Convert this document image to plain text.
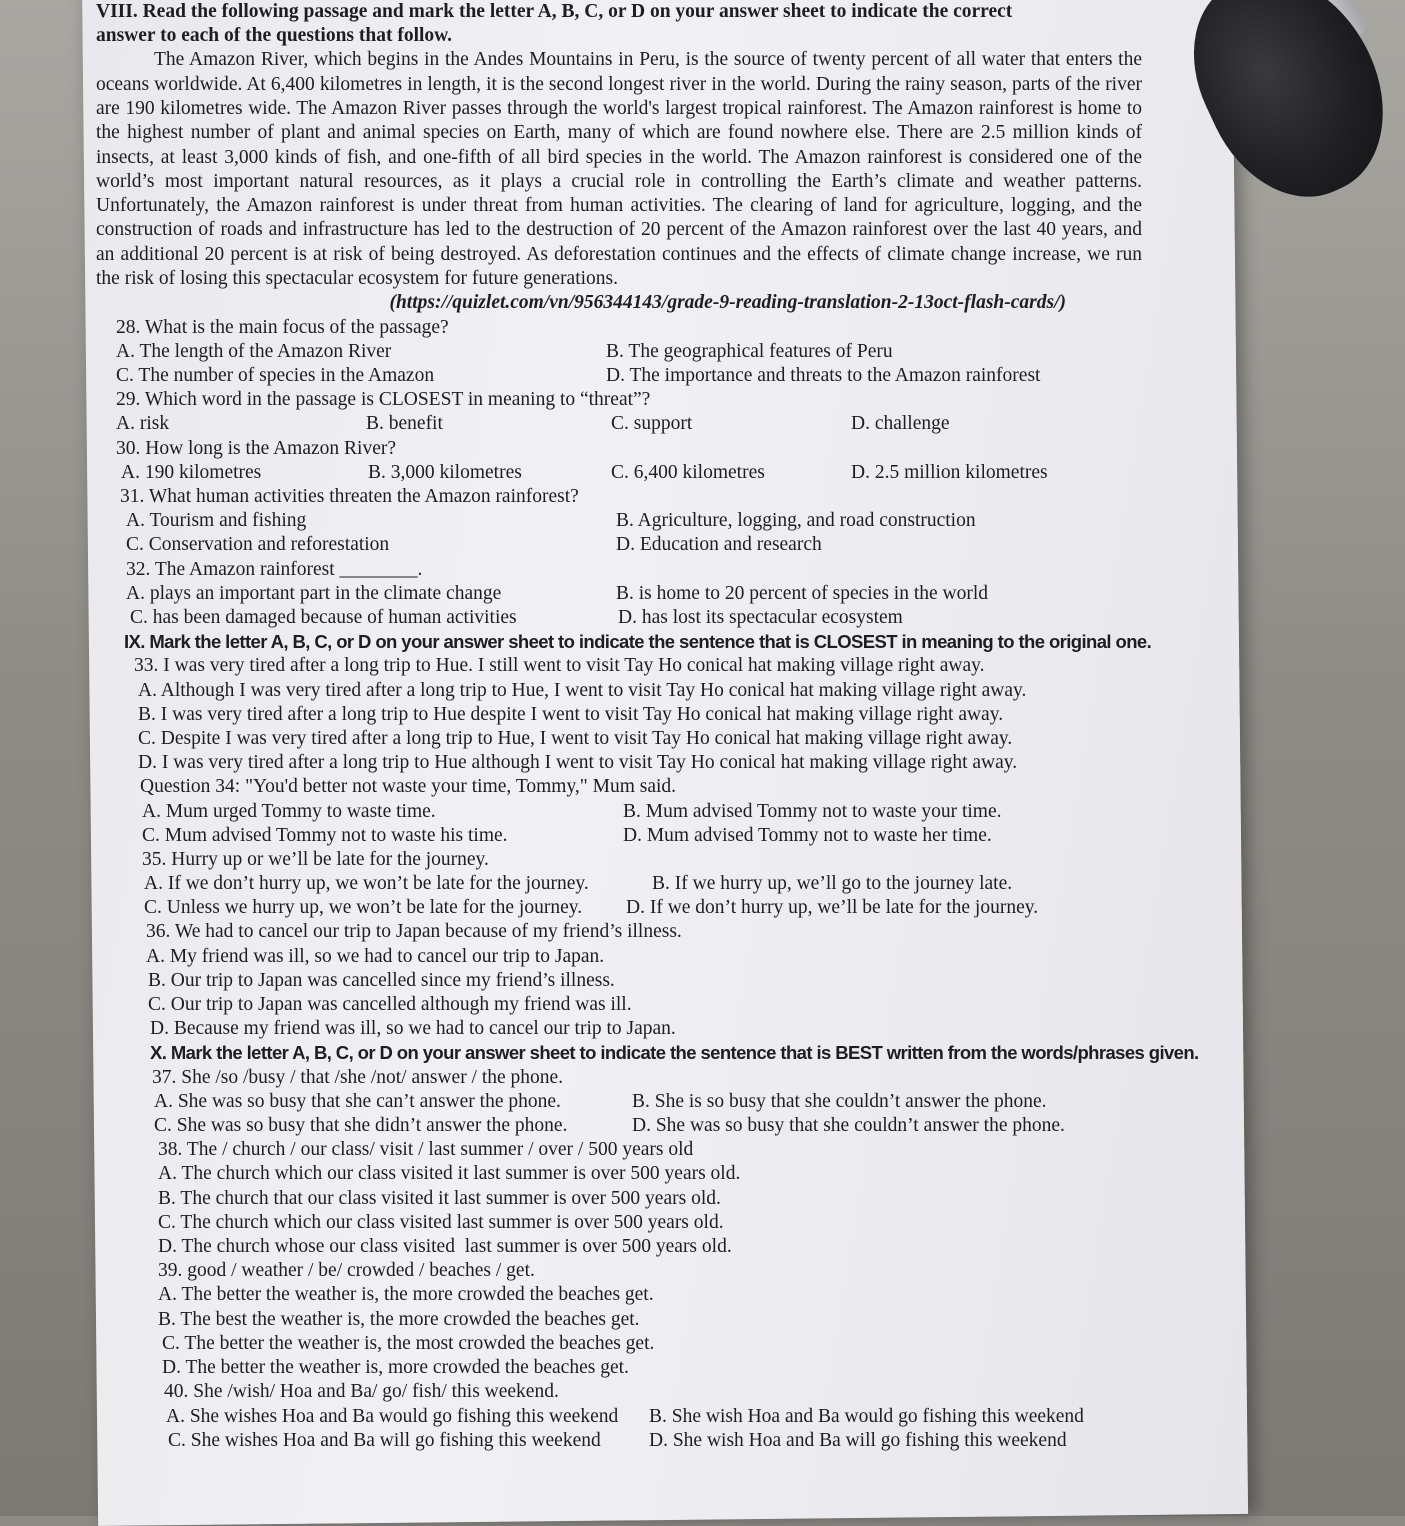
VIII. Read the following passage and mark the letter A, B, C, or D on your answer sheet to indicate the correct
answer to each of the questions that follow.
The Amazon River, which begins in the Andes Mountains in Peru, is the source of twenty percent of all water that enters the oceans worldwide. At 6,400 kilometres in length, it is the second longest river in the world. During the rainy season, parts of the river are 190 kilometres wide. The Amazon River passes through the world's largest tropical rainforest. The Amazon rainforest is home to the highest number of plant and animal species on Earth, many of which are found nowhere else. There are 2.5 million kinds of insects, at least 3,000 kinds of fish, and one-fifth of all bird species in the world. The Amazon rainforest is considered one of the world’s most important natural resources, as it plays a crucial role in controlling the Earth’s climate and weather patterns. Unfortunately, the Amazon rainforest is under threat from human activities. The clearing of land for agriculture, logging, and the construction of roads and infrastructure has led to the destruction of 20 percent of the Amazon rainforest over the last 40 years, and an additional 20 percent is at risk of being destroyed. As deforestation continues and the effects of climate change increase, we run the risk of losing this spectacular ecosystem for future generations.
(https://quizlet.com/vn/956344143/grade-9-reading-translation-2-13oct-flash-cards/)
28. What is the main focus of the passage?
A. The length of the Amazon River	B. The geographical features of Peru
C. The number of species in the Amazon	D. The importance and threats to the Amazon rainforest
29. Which word in the passage is CLOSEST in meaning to “threat”?
A. risk	B. benefit	C. support	D. challenge
30. How long is the Amazon River?
A. 190 kilometres	B. 3,000 kilometres	C. 6,400 kilometres	D. 2.5 million kilometres
31. What human activities threaten the Amazon rainforest?
A. Tourism and fishing	B. Agriculture, logging, and road construction
C. Conservation and reforestation	D. Education and research
32. The Amazon rainforest ________.
A. plays an important part in the climate change	B. is home to 20 percent of species in the world
C. has been damaged because of human activities	D. has lost its spectacular ecosystem
IX. Mark the letter A, B, C, or D on your answer sheet to indicate the sentence that is CLOSEST in meaning to the original one.
33. I was very tired after a long trip to Hue. I still went to visit Tay Ho conical hat making village right away.
A. Although I was very tired after a long trip to Hue, I went to visit Tay Ho conical hat making village right away.
B. I was very tired after a long trip to Hue despite I went to visit Tay Ho conical hat making village right away.
C. Despite I was very tired after a long trip to Hue, I went to visit Tay Ho conical hat making village right away.
D. I was very tired after a long trip to Hue although I went to visit Tay Ho conical hat making village right away.
Question 34: "You'd better not waste your time, Tommy," Mum said.
A. Mum urged Tommy to waste time.	B. Mum advised Tommy not to waste your time.
C. Mum advised Tommy not to waste his time.	D. Mum advised Tommy not to waste her time.
35. Hurry up or we’ll be late for the journey.
A. If we don’t hurry up, we won’t be late for the journey.	B. If we hurry up, we’ll go to the journey late.
C. Unless we hurry up, we won’t be late for the journey. D. If we don’t hurry up, we’ll be late for the journey.
36. We had to cancel our trip to Japan because of my friend’s illness.
A. My friend was ill, so we had to cancel our trip to Japan.
B. Our trip to Japan was cancelled since my friend’s illness.
C. Our trip to Japan was cancelled although my friend was ill.
D. Because my friend was ill, so we had to cancel our trip to Japan.
X. Mark the letter A, B, C, or D on your answer sheet to indicate the sentence that is BEST written from the words/phrases given.
37. She /so /busy / that /she /not/ answer / the phone.
A. She was so busy that she can’t answer the phone.	B. She is so busy that she couldn’t answer the phone.
C. She was so busy that she didn’t answer the phone.	D. She was so busy that she couldn’t answer the phone.
38. The / church / our class/ visit / last summer / over / 500 years old
A. The church which our class visited it last summer is over 500 years old.
B. The church that our class visited it last summer is over 500 years old.
C. The church which our class visited last summer is over 500 years old.
D. The church whose our class visited  last summer is over 500 years old.
39. good / weather / be/ crowded / beaches / get.
A. The better the weather is, the more crowded the beaches get.
B. The best the weather is, the more crowded the beaches get.
C. The better the weather is, the most crowded the beaches get.
D. The better the weather is, more crowded the beaches get.
40. She /wish/ Hoa and Ba/ go/ fish/ this weekend.
A. She wishes Hoa and Ba would go fishing this weekend B. She wish Hoa and Ba would go fishing this weekend
C. She wishes Hoa and Ba will go fishing this weekend D. She wish Hoa and Ba will go fishing this weekend
